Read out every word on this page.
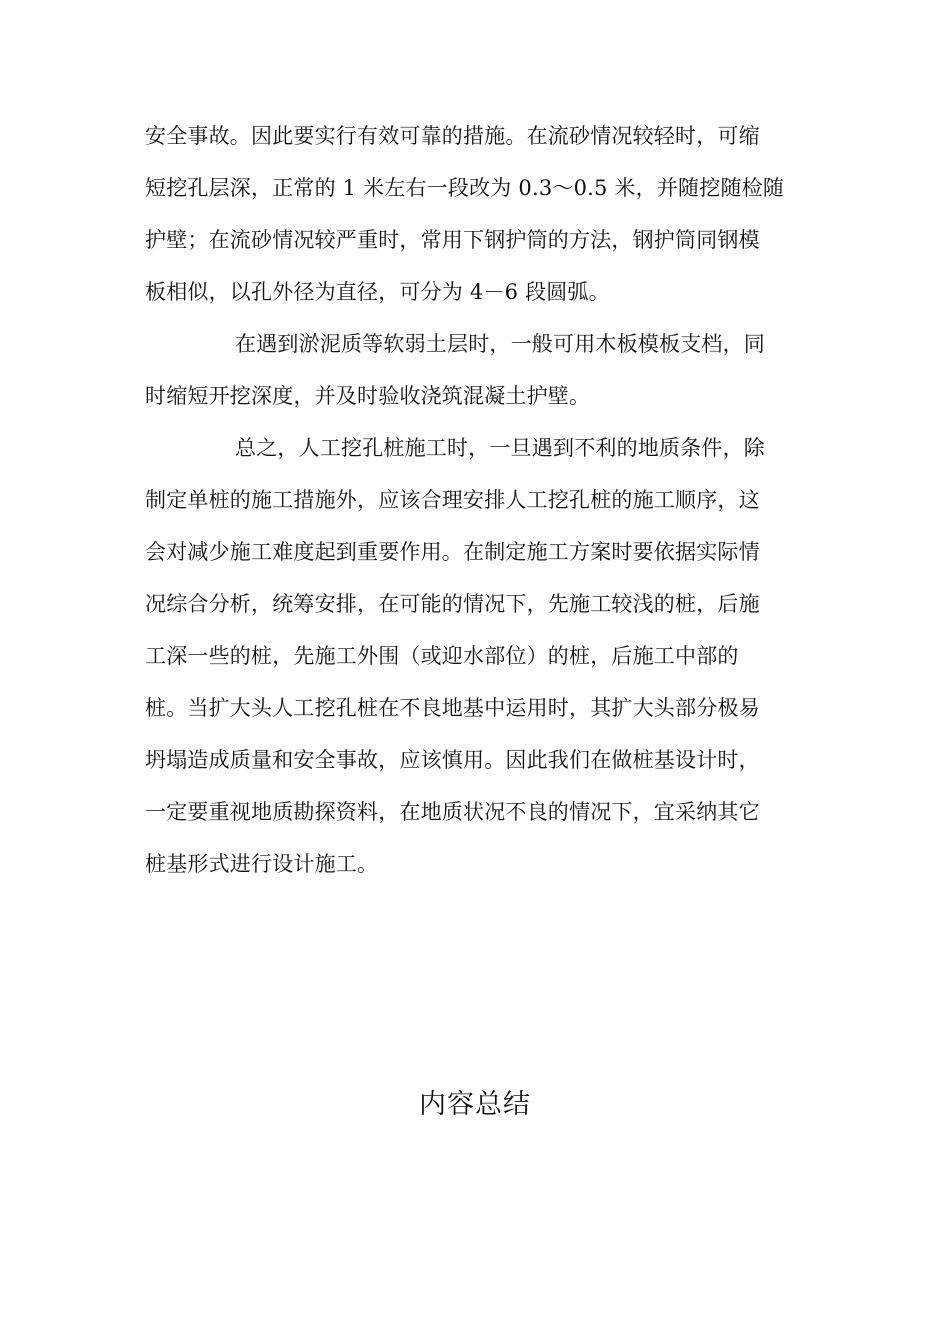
安全事故。因此要实行有效可靠的措施。在流砂情况较轻时，可缩
短挖孔层深，正常的 1 米左右一段改为 0.3～0.5 米，并随挖随检随
护壁；在流砂情况较严重时，常用下钢护筒的方法，钢护筒同钢模
板相似，以孔外径为直径，可分为 4－6 段圆弧。
在遇到淤泥质等软弱土层时，一般可用木板模板支档，同
时缩短开挖深度，并及时验收浇筑混凝土护壁。
总之，人工挖孔桩施工时，一旦遇到不利的地质条件，除
制定单桩的施工措施外，应该合理安排人工挖孔桩的施工顺序，这
会对减少施工难度起到重要作用。在制定施工方案时要依据实际情
况综合分析，统筹安排，在可能的情况下，先施工较浅的桩，后施
工深一些的桩，先施工外围（或迎水部位）的桩，后施工中部的
桩。当扩大头人工挖孔桩在不良地基中运用时，其扩大头部分极易
坍塌造成质量和安全事故，应该慎用。因此我们在做桩基设计时，
一定要重视地质勘探资料，在地质状况不良的情况下，宜采纳其它
桩基形式进行设计施工。
内容总结
